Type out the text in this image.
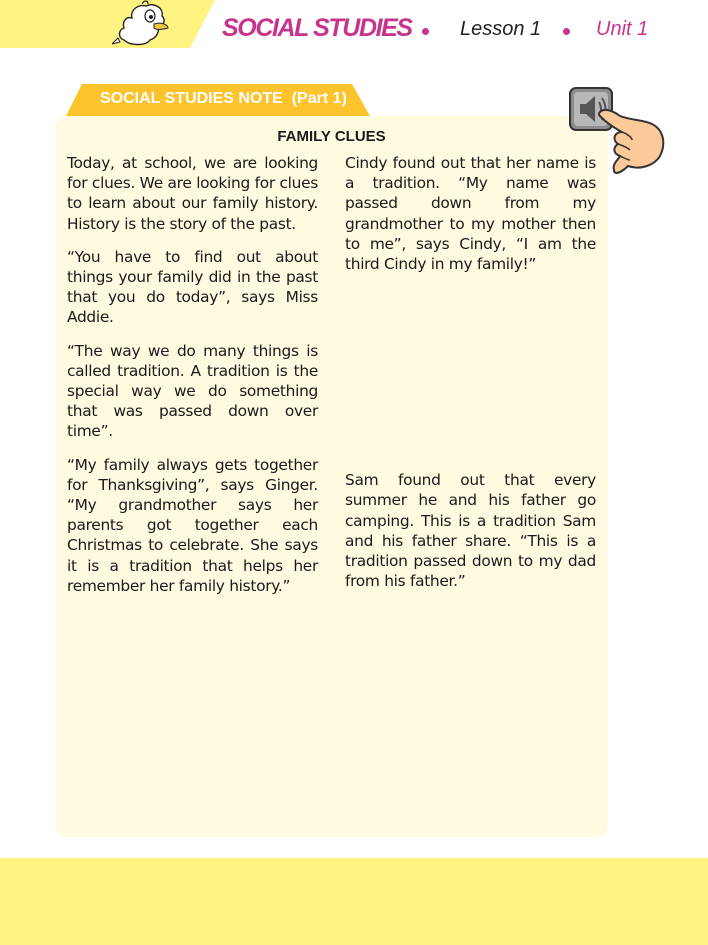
SOCIAL STUDIES Lesson 1	Unit 1
SOCIAL STUDIES NOTE  (Part 1)
FAMILY CLUES

Today, at school, we are looking for clues. We are looking for clues to learn about our family history. History is the story of the past.

“You have to find out about things your family did in the past that you do today”, says Miss Addie.

“The way we do many things is called tradition. A tradition is the special way we do something that was passed down over time”.

“My family always gets together for Thanksgiving”, says Ginger. “My grandmother says her parents got together each Christmas to celebrate. She says it is a tradition that helps her remember her family history.”

Cindy found out that her name is a tradition. “My name was passed down from my grandmother to my mother then to me”, says Cindy, “I am the third Cindy in my family!”

Sam found out that every summer he and his father go camping. This is a tradition Sam and his father share. “This is a tradition passed down to my dad from his father.”
